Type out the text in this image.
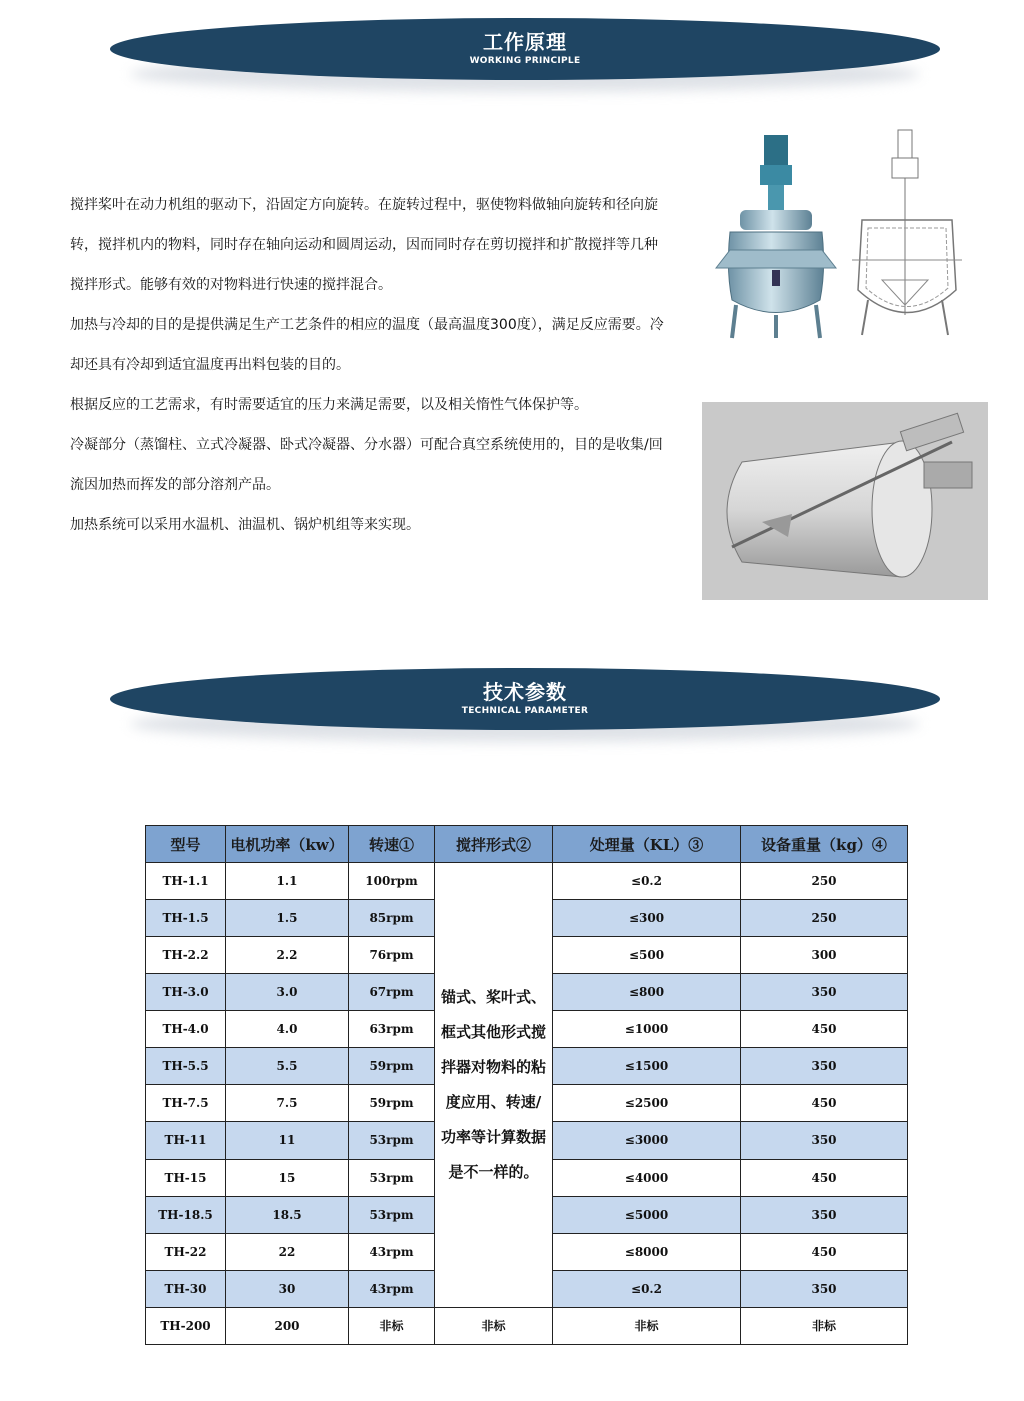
工作原理
WORKING PRINCIPLE

搅拌桨叶在动力机组的驱动下，沿固定方向旋转。在旋转过程中，驱使物料做轴向旋转和径向旋转，搅拌机内的物料，同时存在轴向运动和圆周运动，因而同时存在剪切搅拌和扩散搅拌等几种搅拌形式。能够有效的对物料进行快速的搅拌混合。

加热与冷却的目的是提供满足生产工艺条件的相应的温度（最高温度300度），满足反应需要。冷却还具有冷却到适宜温度再出料包装的目的。

根据反应的工艺需求，有时需要适宜的压力来满足需要，以及相关惰性气体保护等。

冷凝部分（蒸馏柱、立式冷凝器、卧式冷凝器、分水器）可配合真空系统使用的，目的是收集/回流因加热而挥发的部分溶剂产品。

加热系统可以采用水温机、油温机、锅炉机组等来实现。

技术参数
TECHNICAL PARAMETER
型号	电机功率（kw）	转速①	搅拌形式②	处理量（KL）③	设备重量（kg）④
TH-1.1	1.1	100rpm	锚式、桨叶式、框式其他形式搅拌器对物料的粘度应用、转速/功率等计算数据是不一样的。	≤0.2	250
TH-1.5	1.5	85rpm		≤300	250
TH-2.2	2.2	76rpm		≤500	300
TH-3.0	3.0	67rpm		≤800	350
TH-4.0	4.0	63rpm		≤1000	450
TH-5.5	5.5	59rpm		≤1500	350
TH-7.5	7.5	59rpm		≤2500	450
TH-11	11	53rpm		≤3000	350
TH-15	15	53rpm		≤4000	450
TH-18.5	18.5	53rpm		≤5000	350
TH-22	22	43rpm		≤8000	450
TH-30	30	43rpm		≤0.2	350
TH-200	200	非标	非标	非标	非标
